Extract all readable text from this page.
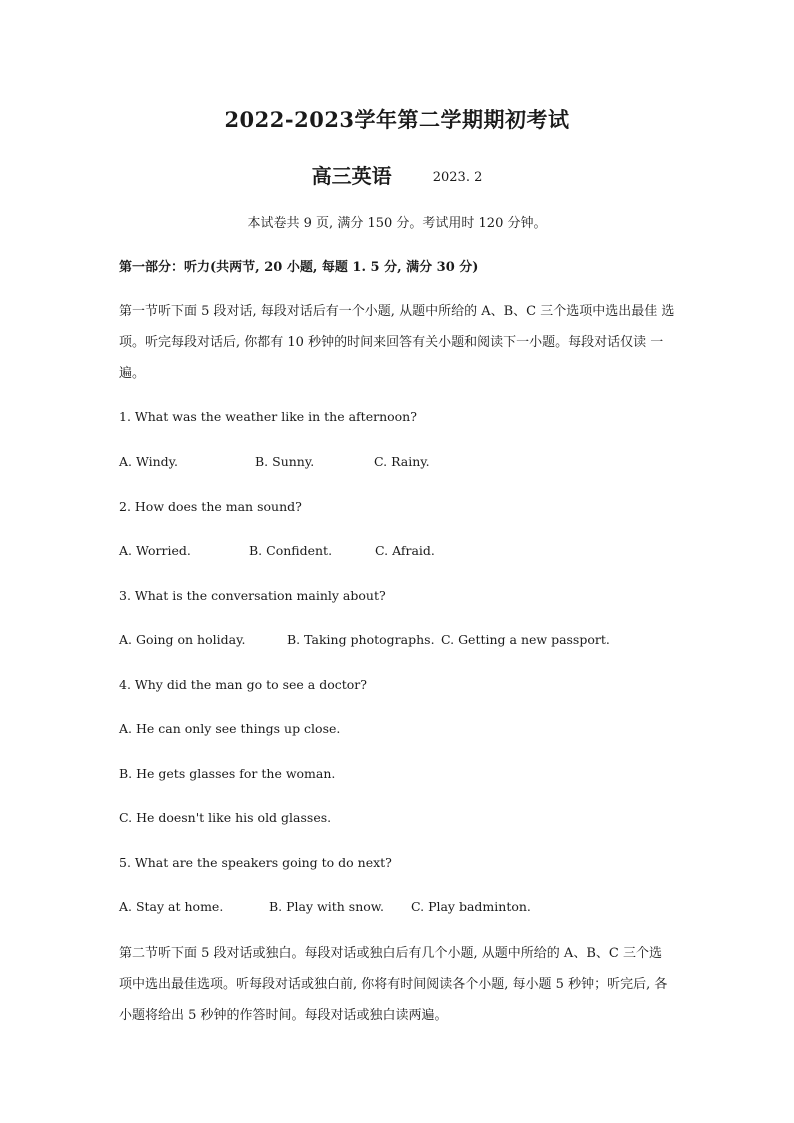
2022-2023学年第二学期期初考试
高三英语	2023. 2
本试卷共 9 页, 满分 150 分。考试用时 120 分钟。
第一部分：听力(共两节, 20 小题, 每题 1. 5 分, 满分 30 分)
第一节听下面 5 段对话, 每段对话后有一个小题, 从题中所给的 A、B、C 三个选项中选出最佳 选项。听完每段对话后, 你都有 10 秒钟的时间来回答有关小题和阅读下一小题。每段对话仅读 一遍。
1. What was the weather like in the afternoon?
A. Windy.	B. Sunny.	C. Rainy.
2. How does the man sound?
A. Worried.	B. Confident.	C. Afraid.
3. What is the conversation mainly about?
A. Going on holiday.	B. Taking photographs. C. Getting a new passport.
4. Why did the man go to see a doctor?
A. He can only see things up close.
B. He gets glasses for the woman.
C. He doesn't like his old glasses.
5. What are the speakers going to do next?
A. Stay at home.	B. Play with snow. C. Play badminton.
第二节听下面 5 段对话或独白。每段对话或独白后有几个小题, 从题中所给的 A、B、C 三个选 项中选出最佳选项。听每段对话或独白前, 你将有时间阅读各个小题, 每小题 5 秒钟；听完后, 各小题将给出 5 秒钟的作答时间。每段对话或独白读两遍。
